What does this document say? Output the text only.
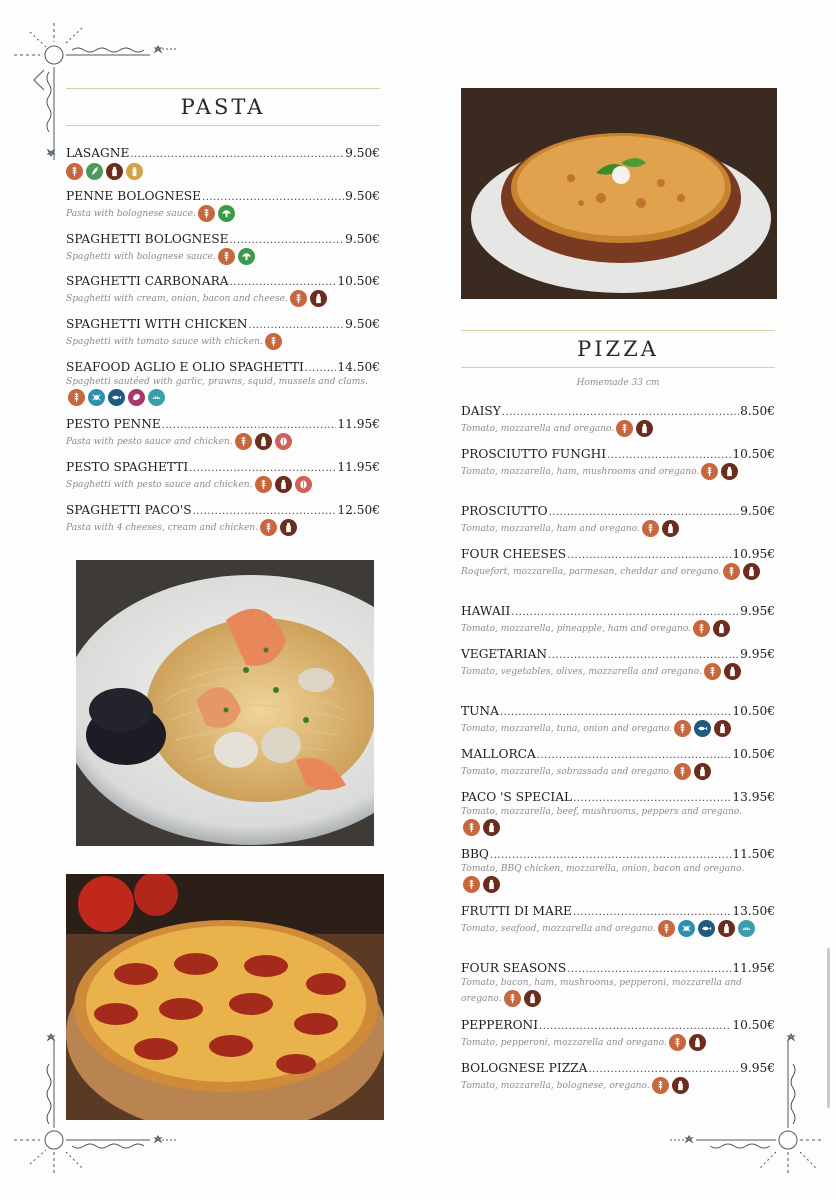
PASTA
LASAGNE .....	9.50€
PENNE BOLOGNESE .....	9.50€
Pasta with bolognese sauce.
SPAGHETTI BOLOGNESE .....	9.50€
Spaghetti with bolognese sauce.
SPAGHETTI CARBONARA .....	10.50€
Spaghetti with cream, onion, bacon and cheese.
SPAGHETTI WITH CHICKEN .....	9.50€
Spaghetti with tomato sauce with chicken.
SEAFOOD AGLIO E OLIO SPAGHETTI .....	14.50€
Spaghetti sautéed with garlic, prawns, squid, mussels and clams.
PESTO PENNE .....	11.95€
Pasta with pesto sauce and chicken.
PESTO SPAGHETTI .....	11.95€
Spaghetti with pesto sauce and chicken.
SPAGHETTI PACO'S .....	12.50€
Pasta with 4 cheeses, cream and chicken.
PIZZA
Homemade 33 cm
DAISY .....	8.50€
Tomato, mozzarella and oregano.
PROSCIUTTO FUNGHI .....	10.50€
Tomato, mozzarella, ham, mushrooms and oregano.
PROSCIUTTO .....	9.50€
Tomato, mozzarella, ham and oregano.
FOUR CHEESES .....	10.95€
Roquefort, mozzarella, parmesan, cheddar and oregano.
HAWAII .....	9.95€
Tomato, mozzarella, pineapple, ham and oregano.
VEGETARIAN .....	9.95€
Tomato, vegetables, olives, mozzarella and oregano.
TUNA .....	10.50€
Tomato, mozzarella, tuna, onion and oregano.
MALLORCA .....	10.50€
Tomato, mozzarella, sobrassada and oregano.
PACO 'S SPECIAL .....	13.95€
Tomato, mozzarella, beef, mushrooms, peppers and oregano.
BBQ .....	11.50€
Tomato, BBQ chicken, mozzarella, onion, bacon and oregano.
FRUTTI DI MARE .....	13.50€
Tomato, seafood, mozzarella and oregano.
FOUR SEASONS .....	11.95€
Tomato, bacon, ham, mushrooms, pepperoni, mozzarella and oregano.
PEPPERONI .....	10.50€
Tomato, pepperoni, mozzarella and oregano.
BOLOGNESE PIZZA .....	9.95€
Tomato, mozzarella, bolognese, oregano.
